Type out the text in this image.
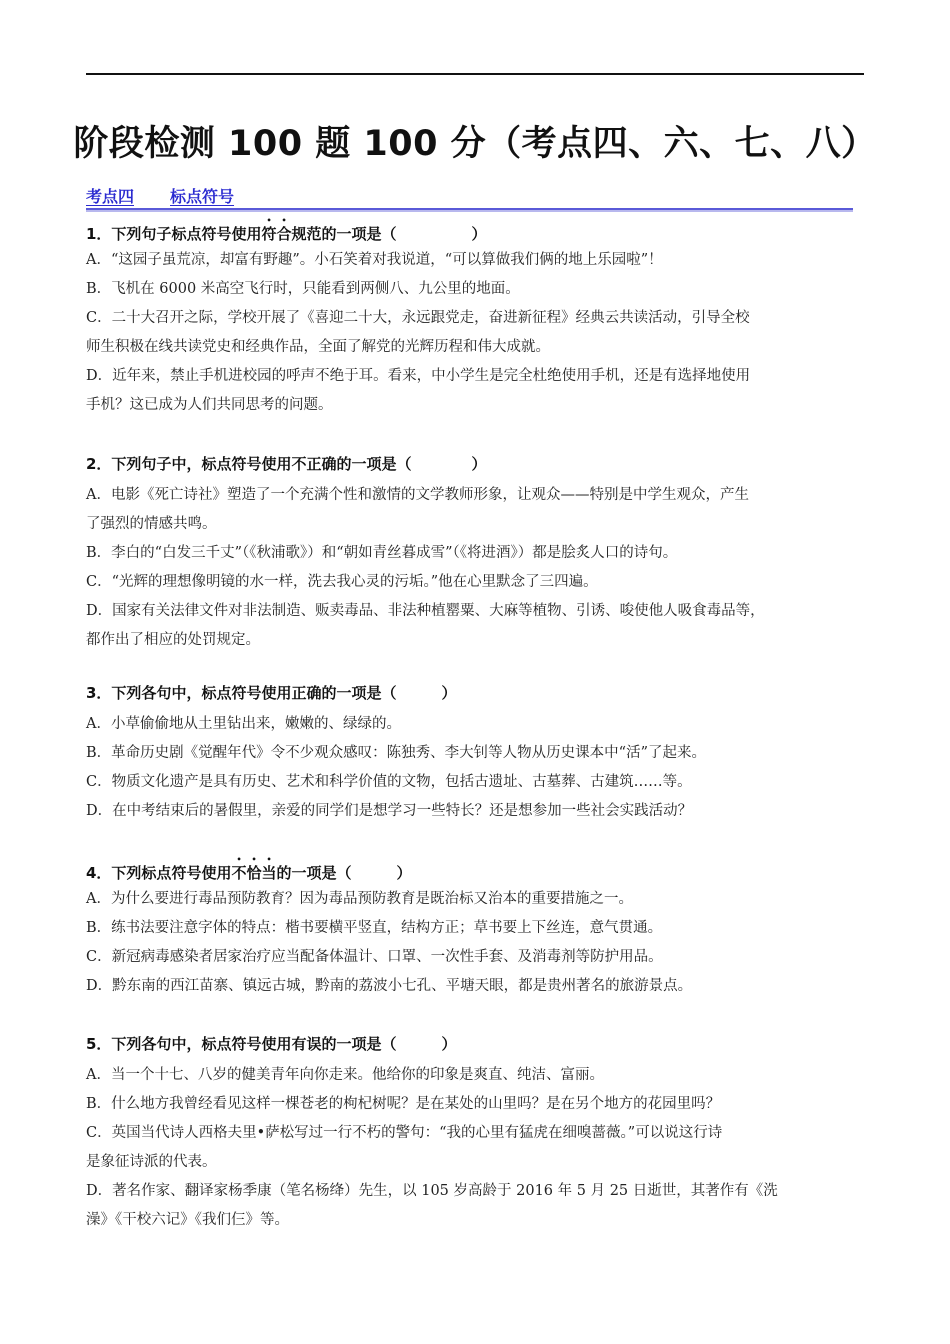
阶段检测 100 题 100 分（考点四、六、七、八）
考点四 标点符号
1．下列句子标点符号使用符合规范的一项是（　　　　　）
A．“这园子虽荒凉，却富有野趣”。小石笑着对我说道，“可以算做我们俩的地上乐园啦”！
B．飞机在 6000 米高空飞行时，只能看到两侧八、九公里的地面。
C．二十大召开之际，学校开展了《喜迎二十大，永远跟党走，奋进新征程》经典云共读活动，引导全校
师生积极在线共读党史和经典作品，全面了解党的光辉历程和伟大成就。
D．近年来，禁止手机进校园的呼声不绝于耳。看来，中小学生是完全杜绝使用手机，还是有选择地使用
手机？这已成为人们共同思考的问题。
2．下列句子中，标点符号使用不正确的一项是（　　　　）
A．电影《死亡诗社》塑造了一个充满个性和激情的文学教师形象，让观众——特别是中学生观众，产生
了强烈的情感共鸣。
B．李白的“白发三千丈”（《秋浦歌》）和“朝如青丝暮成雪”（《将进酒》）都是脍炙人口的诗句。
C．“光辉的理想像明镜的水一样，洗去我心灵的污垢。”他在心里默念了三四遍。
D．国家有关法律文件对非法制造、贩卖毒品、非法种植罂粟、大麻等植物、引诱、唆使他人吸食毒品等，
都作出了相应的处罚规定。
3．下列各句中，标点符号使用正确的一项是（　　　）
A．小草偷偷地从土里钻出来，嫩嫩的、绿绿的。
B．革命历史剧《觉醒年代》令不少观众感叹：陈独秀、李大钊等人物从历史课本中“活”了起来。
C．物质文化遗产是具有历史、艺术和科学价值的文物，包括古遗址、古墓葬、古建筑……等。
D．在中考结束后的暑假里，亲爱的同学们是想学习一些特长？还是想参加一些社会实践活动？
4．下列标点符号使用不恰当的一项是（　　　）
A．为什么要进行毒品预防教育？因为毒品预防教育是既治标又治本的重要措施之一。
B．练书法要注意字体的特点：楷书要横平竖直，结构方正；草书要上下丝连，意气贯通。
C．新冠病毒感染者居家治疗应当配备体温计、口罩、一次性手套、及消毒剂等防护用品。
D．黔东南的西江苗寨、镇远古城，黔南的荔波小七孔、平塘天眼，都是贵州著名的旅游景点。
5．下列各句中，标点符号使用有误的一项是（　　　）
A．当一个十七、八岁的健美青年向你走来。他给你的印象是爽直、纯洁、富丽。
B．什么地方我曾经看见这样一棵苍老的枸杞树呢？是在某处的山里吗？是在另个地方的花园里吗？
C．英国当代诗人西格夫里•萨松写过一行不朽的警句：“我的心里有猛虎在细嗅蔷薇。”可以说这行诗
是象征诗派的代表。
D．著名作家、翻译家杨季康（笔名杨绛）先生，以 105 岁高龄于 2016 年 5 月 25 日逝世，其著作有《洗
澡》《干校六记》《我们仨》等。
